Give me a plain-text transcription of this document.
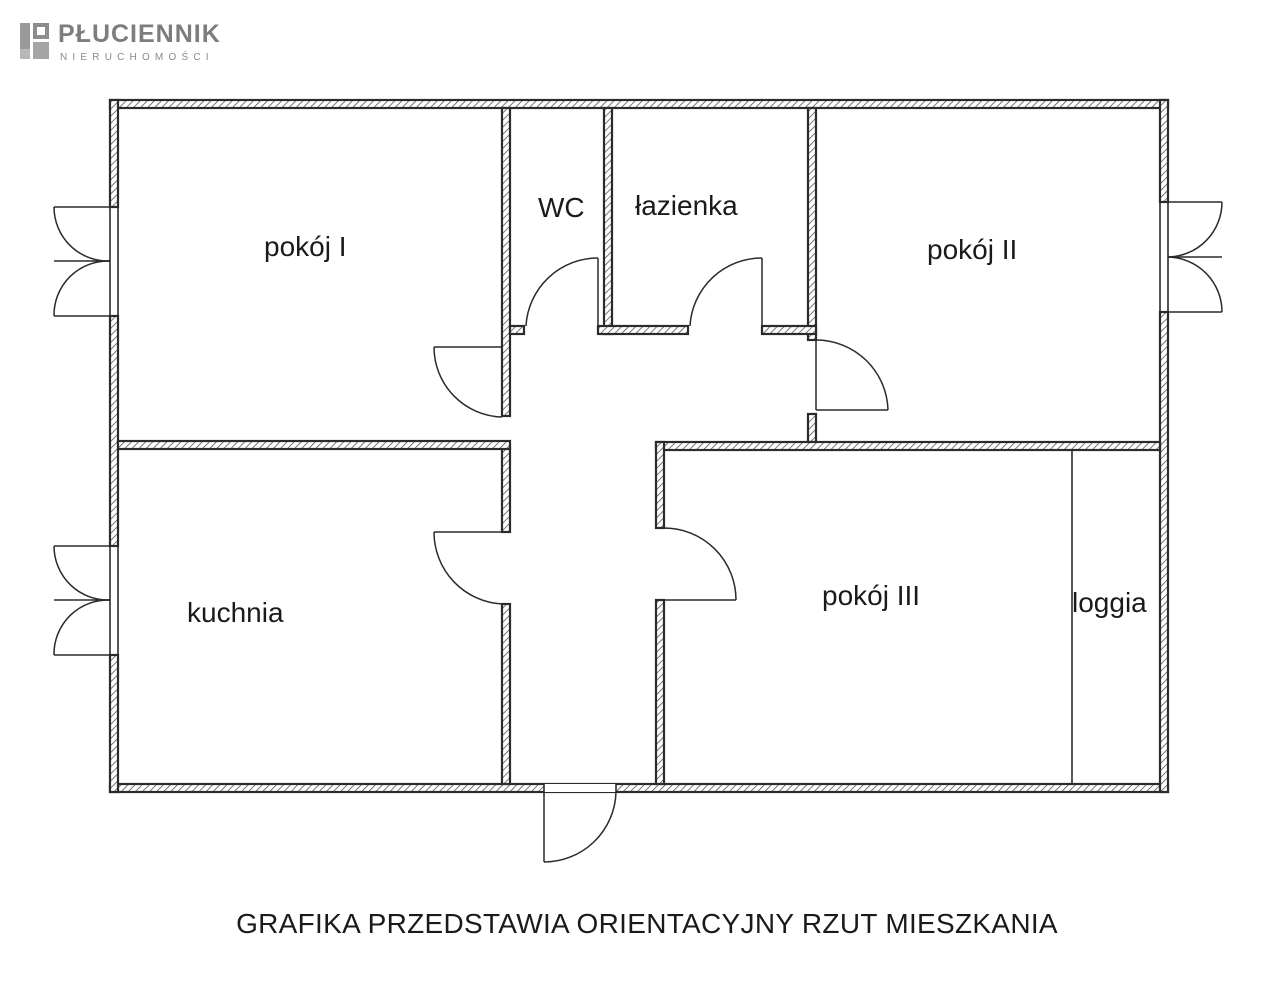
PŁUCIENNIK
NIERUCHOMOŚCI
pokój I
WC łazienka
pokój II
kuchnia
pokój III	loggia
GRAFIKA PRZEDSTAWIA ORIENTACYJNY RZUT MIESZKANIA
